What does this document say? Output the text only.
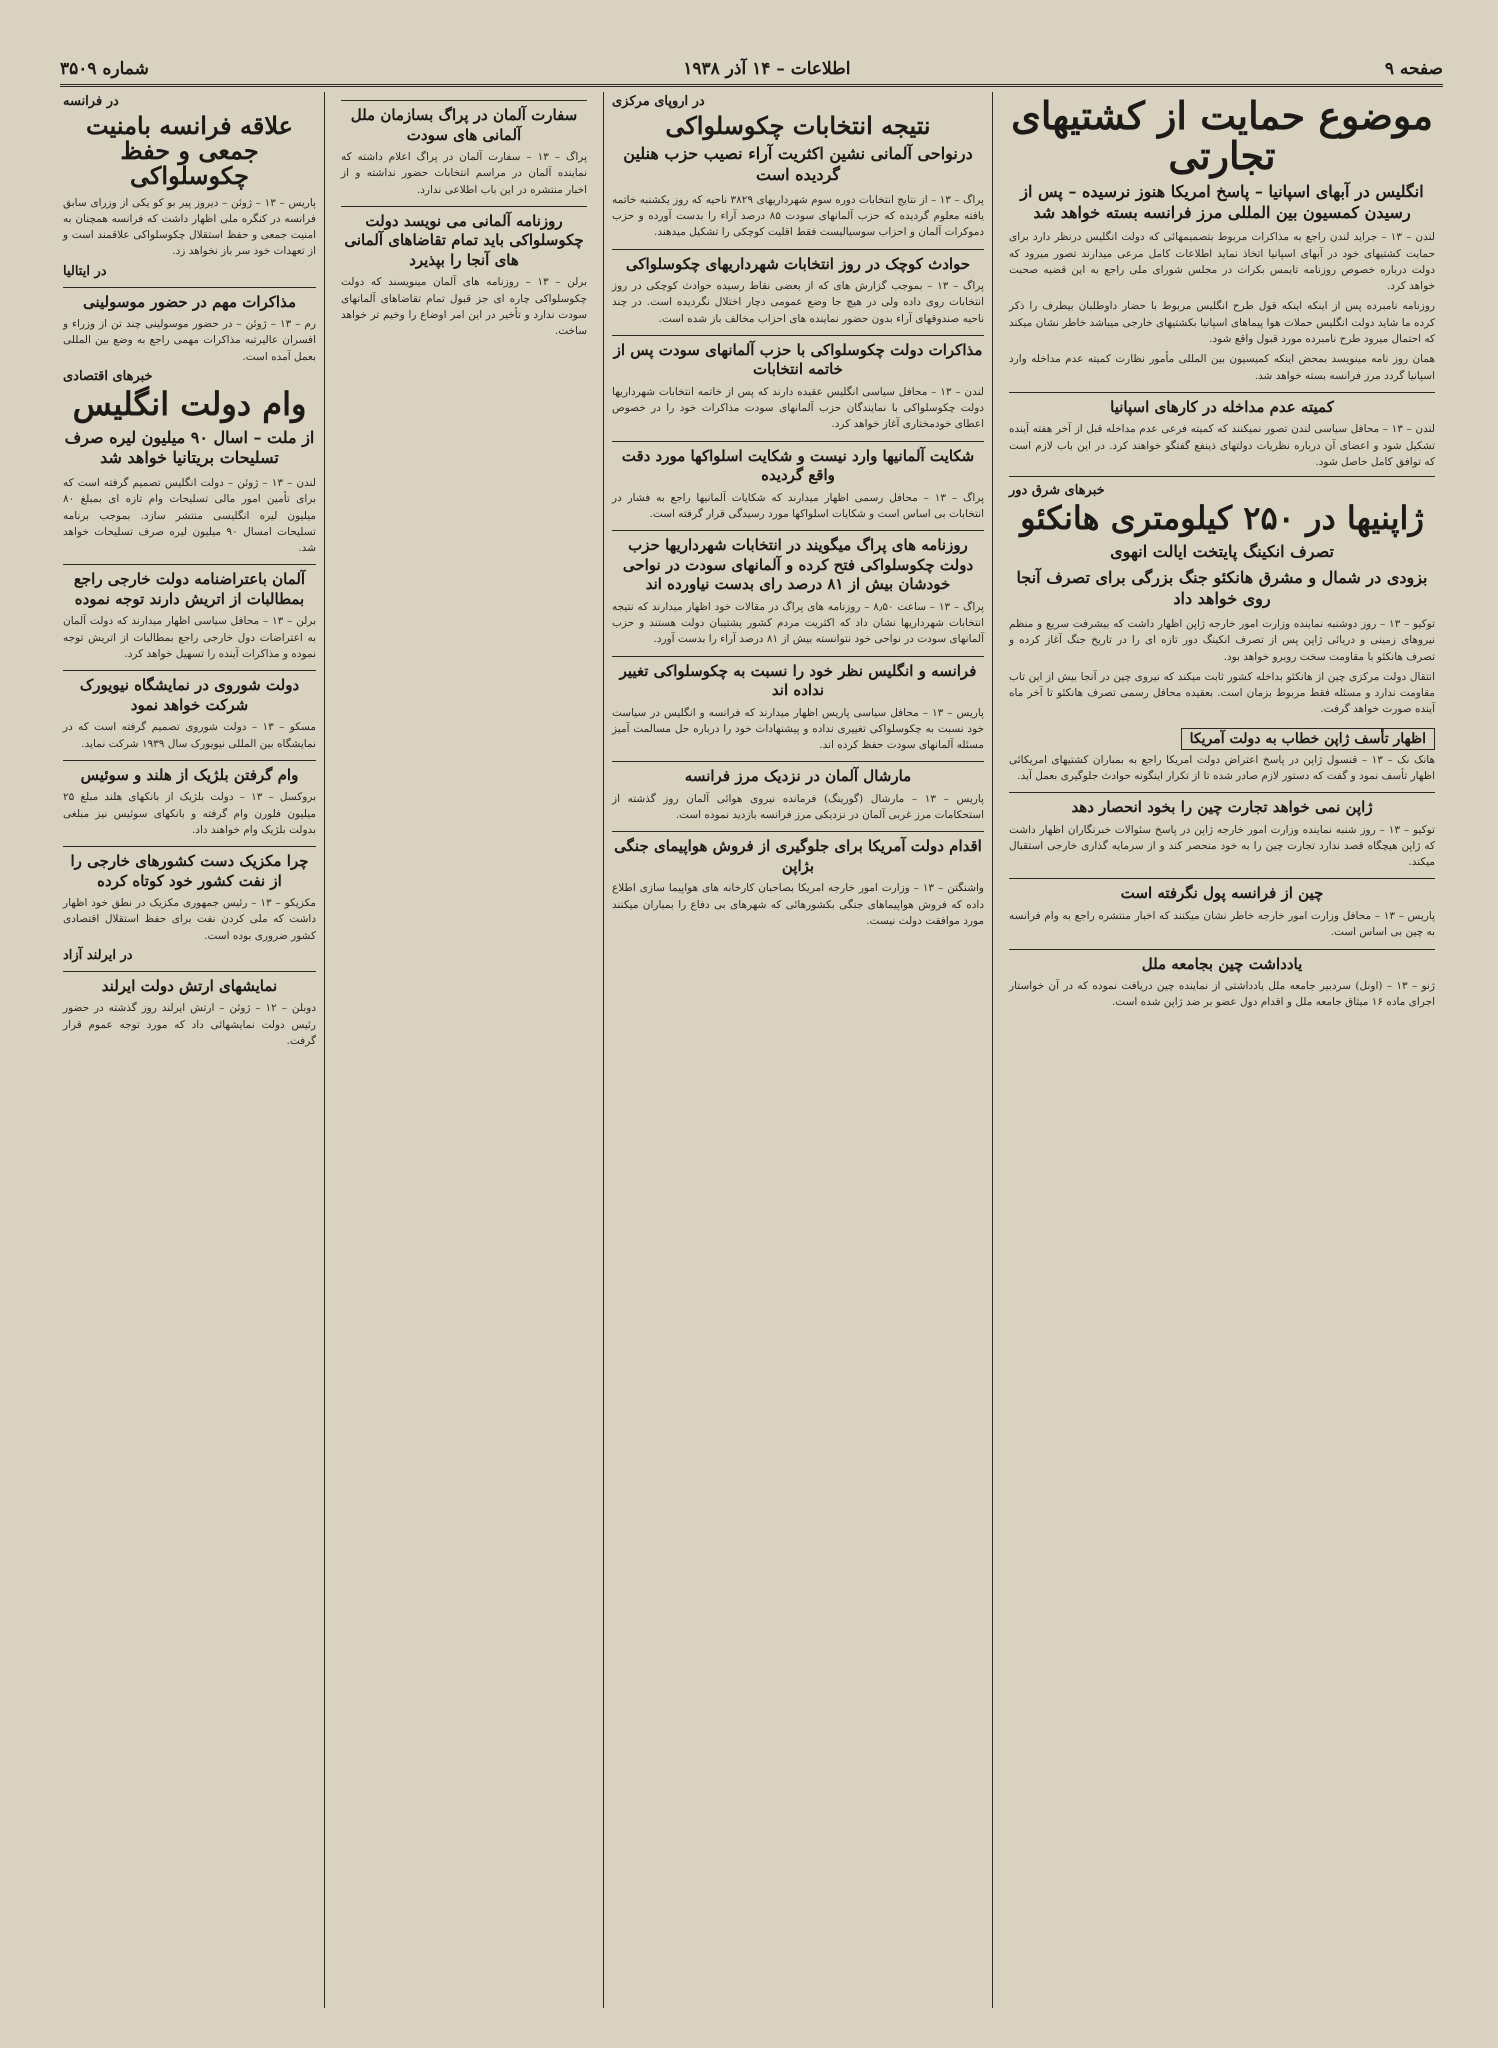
صفحه ۹
اطلاعات – ۱۴ آذر ۱۹۳۸
شماره ۳۵۰۹
موضوع حمایت از کشتیهای تجارتی
انگلیس در آبهای اسپانیا – پاسخ امریکا هنوز نرسیده – پس از رسیدن کمسیون بین المللی مرز فرانسه بسته خواهد شد

لندن – ۱۳ – جراید لندن راجع به مذاکرات مربوط بتصمیمهائی که دولت انگلیس درنظر دارد برای حمایت کشتیهای خود در آبهای اسپانیا اتخاذ نماید اطلاعات کامل مرعی میدارند تصور میرود که دولت درباره خصوص روزنامه تایمس بکرات در مجلس شورای ملی راجع به این قضیه صحبت خواهد کرد.

روزنامه نامبرده پس از اینکه اینکه قول طرح انگلیس مربوط با حضار داوطلبان بیطرف را ذکر کرده ما شاید دولت انگلیس حملات هوا پیماهای اسپانیا بکشتیهای خارجی میباشد خاطر نشان میکند که احتمال میرود طرح نامبرده مورد قبول واقع شود.

همان روز نامه مینویسد بمحض اینکه کمیسیون بین المللی مأمور نظارت کمیته عدم مداخله وارد اسپانیا گردد مرز فرانسه بسته خواهد شد.

کمیته عدم مداخله در کارهای اسپانیا

لندن – ۱۳ – محافل سیاسی لندن تصور نمیکنند که کمیته فرعی عدم مداخله قبل از آخر هفته آینده تشکیل شود و اعضای آن درباره نظریات دولتهای ذینفع گفتگو خواهند کرد. در این باب لازم است که توافق کامل حاصل شود.

خبرهای شرق دور
ژاپنیها در ۲۵۰ کیلومتری هانکئو
تصرف انکینگ پایتخت ایالت انهوی
بزودی در شمال و مشرق هانکئو جنگ بزرگی برای تصرف آنجا روی خواهد داد

توکیو – ۱۳ – روز دوشنبه نماینده وزارت امور خارجه ژاپن اظهار داشت که بیشرفت سریع و منظم نیروهای زمینی و دریائی ژاپن پس از تصرف انکینگ دور تازه ای را در تاریخ جنگ آغاز کرده و تصرف هانکئو با مقاومت سخت روبرو خواهد بود.

انتقال دولت مرکزی چین از هانکئو بداخله کشور ثابت میکند که نیروی چین در آنجا بیش از این تاب مقاومت ندارد و مسئله فقط مربوط بزمان است. بعقیده محافل رسمی تصرف هانکئو تا آخر ماه آینده صورت خواهد گرفت.

اظهار تأسف ژاپن خطاب به دولت آمریکا

هانک نک – ۱۳ – قنسول ژاپن در پاسخ اعتراض دولت امریکا راجع به بمباران کشتیهای امریکائی اظهار تأسف نمود و گفت که دستور لازم صادر شده تا از تکرار اینگونه حوادث جلوگیری بعمل آید.

ژاپن نمی خواهد تجارت چین را بخود انحصار دهد

توکیو – ۱۳ – روز شنبه نماینده وزارت امور خارجه ژاپن در پاسخ سئوالات خبرنگاران اظهار داشت که ژاپن هیچگاه قصد ندارد تجارت چین را به خود منحصر کند و از سرمایه گذاری خارجی استقبال میکند.

چین از فرانسه پول نگرفته است

پاریس – ۱۳ – محافل وزارت امور خارجه خاطر نشان میکنند که اخبار منتشره راجع به وام فرانسه به چین بی اساس است.

یادداشت چین بجامعه ملل

ژنو – ۱۳ – (اونل) سردبیر جامعه ملل یادداشتی از نماینده چین دریافت نموده که در آن خواستار اجرای ماده ۱۶ میثاق جامعه ملل و اقدام دول عضو بر ضد ژاپن شده است.

در اروپای مرکزی
نتیجه انتخابات چکوسلواکی
درنواحی آلمانی نشین اکثریت آراء نصیب حزب هنلین گردیده است

پراگ – ۱۳ – از نتایج انتخابات دوره سوم شهرداریهای ۳۸۲۹ ناحیه که روز یکشنبه خاتمه یافته معلوم گردیده که حزب آلمانهای سودت ۸۵ درصد آراء را بدست آورده و حزب دموکرات آلمان و احزاب سوسیالیست فقط اقلیت کوچکی را تشکیل میدهند.

حوادث کوچک در روز انتخابات شهرداریهای چکوسلواکی

پراگ – ۱۳ – بموجب گزارش های که از بعضی نقاط رسیده حوادث کوچکی در روز انتخابات روی داده ولی در هیچ جا وضع عمومی دچار اختلال نگردیده است. در چند ناحیه صندوقهای آراء بدون حضور نماینده های احزاب مخالف باز شده است.

مذاکرات دولت چکوسلواکی با حزب آلمانهای سودت پس از خاتمه انتخابات

لندن – ۱۳ – محافل سیاسی انگلیس عقیده دارند که پس از خاتمه انتخابات شهرداریها دولت چکوسلواکی با نمایندگان حزب آلمانهای سودت مذاکرات خود را در خصوص اعطای خودمختاری آغاز خواهد کرد.

شکایت آلمانیها وارد نیست و شکایت اسلواکها مورد دقت واقع گردیده

پراگ – ۱۳ – محافل رسمی اظهار میدارند که شکایات آلمانیها راجع به فشار در انتخابات بی اساس است و شکایات اسلواکها مورد رسیدگی قرار گرفته است.

روزنامه های پراگ میگویند در انتخابات شهرداریها حزب دولت چکوسلواکی فتح کرده و آلمانهای سودت در نواحی خودشان بیش از ۸۱ درصد رای بدست نیاورده اند

پراگ – ۱۳ – ساعت ۸٫۵۰ – روزنامه های پراگ در مقالات خود اظهار میدارند که نتیجه انتخابات شهرداریها نشان داد که اکثریت مردم کشور پشتیبان دولت هستند و حزب آلمانهای سودت در نواحی خود نتوانسته بیش از ۸۱ درصد آراء را بدست آورد.

فرانسه و انگلیس نظر خود را نسبت به چکوسلواکی تغییر نداده اند

پاریس – ۱۳ – محافل سیاسی پاریس اظهار میدارند که فرانسه و انگلیس در سیاست خود نسبت به چکوسلواکی تغییری نداده و پیشنهادات خود را درباره حل مسالمت آمیز مسئله آلمانهای سودت حفظ کرده اند.

مارشال آلمان در نزدیک مرز فرانسه

پاریس – ۱۳ – مارشال (گورینگ) فرمانده نیروی هوائی آلمان روز گذشته از استحکامات مرز غربی آلمان در نزدیکی مرز فرانسه بازدید نموده است.

اقدام دولت آمریکا برای جلوگیری از فروش هواپیمای جنگی بژاپن

واشنگتن – ۱۳ – وزارت امور خارجه امریکا بصاحبان کارخانه های هواپیما سازی اطلاع داده که فروش هواپیماهای جنگی بکشورهائی که شهرهای بی دفاع را بمباران میکنند مورد موافقت دولت نیست.

سفارت آلمان در پراگ بسازمان ملل آلمانی های سودت

پراگ – ۱۳ – سفارت آلمان در پراگ اعلام داشته که نماینده آلمان در مراسم انتخابات حضور نداشته و از اخبار منتشره در این باب اطلاعی ندارد.

روزنامه آلمانی می نویسد دولت چکوسلواکی باید تمام تقاضاهای آلمانی های آنجا را بپذیرد

برلن – ۱۳ – روزنامه های آلمان مینویسند که دولت چکوسلواکی چاره ای جز قبول تمام تقاضاهای آلمانهای سودت ندارد و تأخیر در این امر اوضاع را وخیم تر خواهد ساخت.

در فرانسه
علاقه فرانسه بامنیت جمعی و حفظ چکوسلواکی

پاریس – ۱۳ – ژوئن – دیروز پیر بو کو یکی از وزرای سابق فرانسه در کنگره ملی اظهار داشت که فرانسه همچنان به امنیت جمعی و حفظ استقلال چکوسلواکی علاقمند است و از تعهدات خود سر باز نخواهد زد.

در ایتالیا
مذاکرات مهم در حضور موسولینی

رم – ۱۳ – ژوئن – در حضور موسولینی چند تن از وزراء و افسران عالیرتبه مذاکرات مهمی راجع به وضع بین المللی بعمل آمده است.

خبرهای اقتصادی
وام دولت انگلیس
از ملت – اسال ۹۰ میلیون لیره صرف تسلیحات بریتانیا خواهد شد

لندن – ۱۳ – ژوئن – دولت انگلیس تصمیم گرفته است که برای تأمین امور مالی تسلیحات وام تازه ای بمبلغ ۸۰ میلیون لیره انگلیسی منتشر سازد. بموجب برنامه تسلیحات امسال ۹۰ میلیون لیره صرف تسلیحات خواهد شد.

آلمان باعتراضنامه دولت خارجی راجع بمطالبات از اتریش دارند توجه نموده

برلن – ۱۳ – محافل سیاسی اظهار میدارند که دولت آلمان به اعتراضات دول خارجی راجع بمطالبات از اتریش توجه نموده و مذاکرات آینده را تسهیل خواهد کرد.

دولت شوروی در نمایشگاه نیویورک شرکت خواهد نمود

مسکو – ۱۳ – دولت شوروی تصمیم گرفته است که در نمایشگاه بین المللی نیویورک سال ۱۹۳۹ شرکت نماید.

وام گرفتن بلژیک از هلند و سوئیس

بروکسل – ۱۳ – دولت بلژیک از بانکهای هلند مبلغ ۲۵ میلیون فلورن وام گرفته و بانکهای سوئیس نیز مبلغی بدولت بلژیک وام خواهند داد.

چرا مکزیک دست کشورهای خارجی را از نفت کشور خود کوتاه کرده

مکزیکو – ۱۳ – رئیس جمهوری مکزیک در نطق خود اظهار داشت که ملی کردن نفت برای حفظ استقلال اقتصادی کشور ضروری بوده است.

در ایرلند آزاد
نمایشهای ارتش دولت ایرلند

دوبلن – ۱۲ – ژوئن – ارتش ایرلند روز گذشته در حضور رئیس دولت نمایشهائی داد که مورد توجه عموم قرار گرفت.
